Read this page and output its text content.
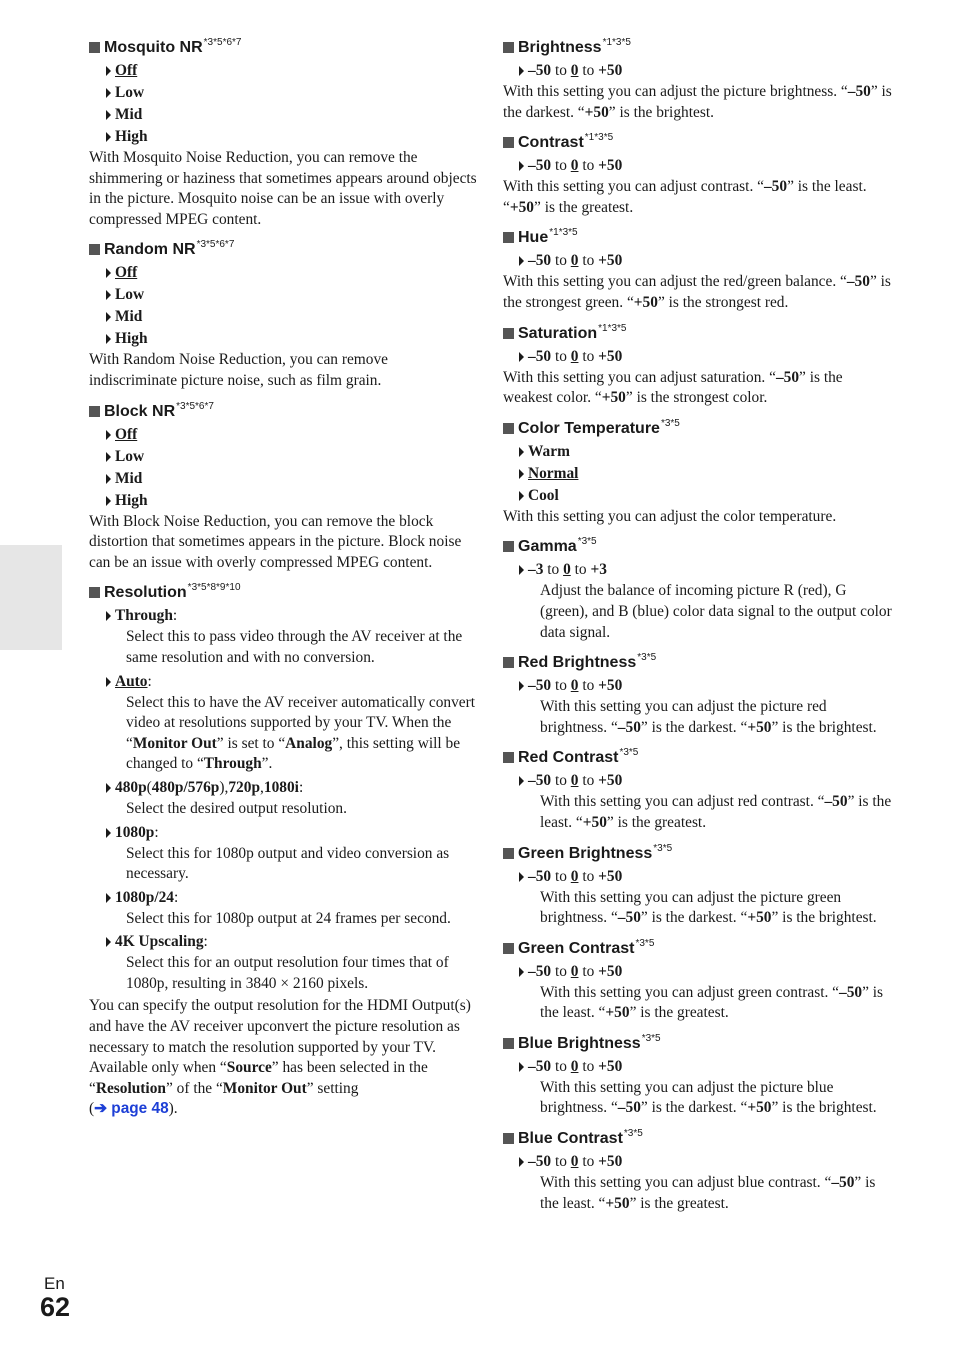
Mosquito NR *3*5*6*7
Off
Low
Mid
High
With Mosquito Noise Reduction, you can remove the shimmering or haziness that sometimes appears around objects in the picture. Mosquito noise can be an issue with overly compressed MPEG content.
Random NR *3*5*6*7
Off
Low
Mid
High
With Random Noise Reduction, you can remove indiscriminate picture noise, such as film grain.
Block NR *3*5*6*7
Off
Low
Mid
High
With Block Noise Reduction, you can remove the block distortion that sometimes appears in the picture. Block noise can be an issue with overly compressed MPEG content.
Resolution *3*5*8*9*10
Through :
Select this to pass video through the AV receiver at the same resolution and with no conversion.
Auto :
Select this to have the AV receiver automatically convert video at resolutions supported by your TV. When the “Monitor Out” is set to “Analog”, this setting will be changed to “Through”.
480p ( 480p/576p ), 720p , 1080i :
Select the desired output resolution.
1080p :
Select this for 1080p output and video conversion as necessary.
1080p/24 :
Select this for 1080p output at 24 frames per second.
4K Upscaling :
Select this for an output resolution four times that of 1080p, resulting in 3840 × 2160 pixels.
You can specify the output resolution for the HDMI Output(s) and have the AV receiver upconvert the picture resolution as necessary to match the resolution supported by your TV.
Available only when “Source” has been selected in the “Resolution” of the “Monitor Out” setting
(➔ page 48).
Brightness *1*3*5
–50 to 0 to +50
With this setting you can adjust the picture brightness. “–50” is the darkest. “+50” is the brightest.
Contrast *1*3*5
–50 to 0 to +50
With this setting you can adjust contrast. “–50” is the least. “+50” is the greatest.
Hue *1*3*5
–50 to 0 to +50
With this setting you can adjust the red/green balance. “–50” is the strongest green. “+50” is the strongest red.
Saturation *1*3*5
–50 to 0 to +50
With this setting you can adjust saturation. “–50” is the weakest color. “+50” is the strongest color.
Color Temperature *3*5
Warm
Normal
Cool
With this setting you can adjust the color temperature.
Gamma *3*5
–3 to 0 to +3
Adjust the balance of incoming picture R (red), G (green), and B (blue) color data signal to the output color data signal.
Red Brightness *3*5
–50 to 0 to +50
With this setting you can adjust the picture red brightness. “–50” is the darkest. “+50” is the brightest.
Red Contrast *3*5
–50 to 0 to +50
With this setting you can adjust red contrast. “–50” is the least. “+50” is the greatest.
Green Brightness *3*5
–50 to 0 to +50
With this setting you can adjust the picture green brightness. “–50” is the darkest. “+50” is the brightest.
Green Contrast *3*5
–50 to 0 to +50
With this setting you can adjust green contrast. “–50” is the least. “+50” is the greatest.
Blue Brightness *3*5
–50 to 0 to +50
With this setting you can adjust the picture blue brightness. “–50” is the darkest. “+50” is the brightest.
Blue Contrast *3*5
–50 to 0 to +50
With this setting you can adjust blue contrast. “–50” is the least. “+50” is the greatest.
En
62
